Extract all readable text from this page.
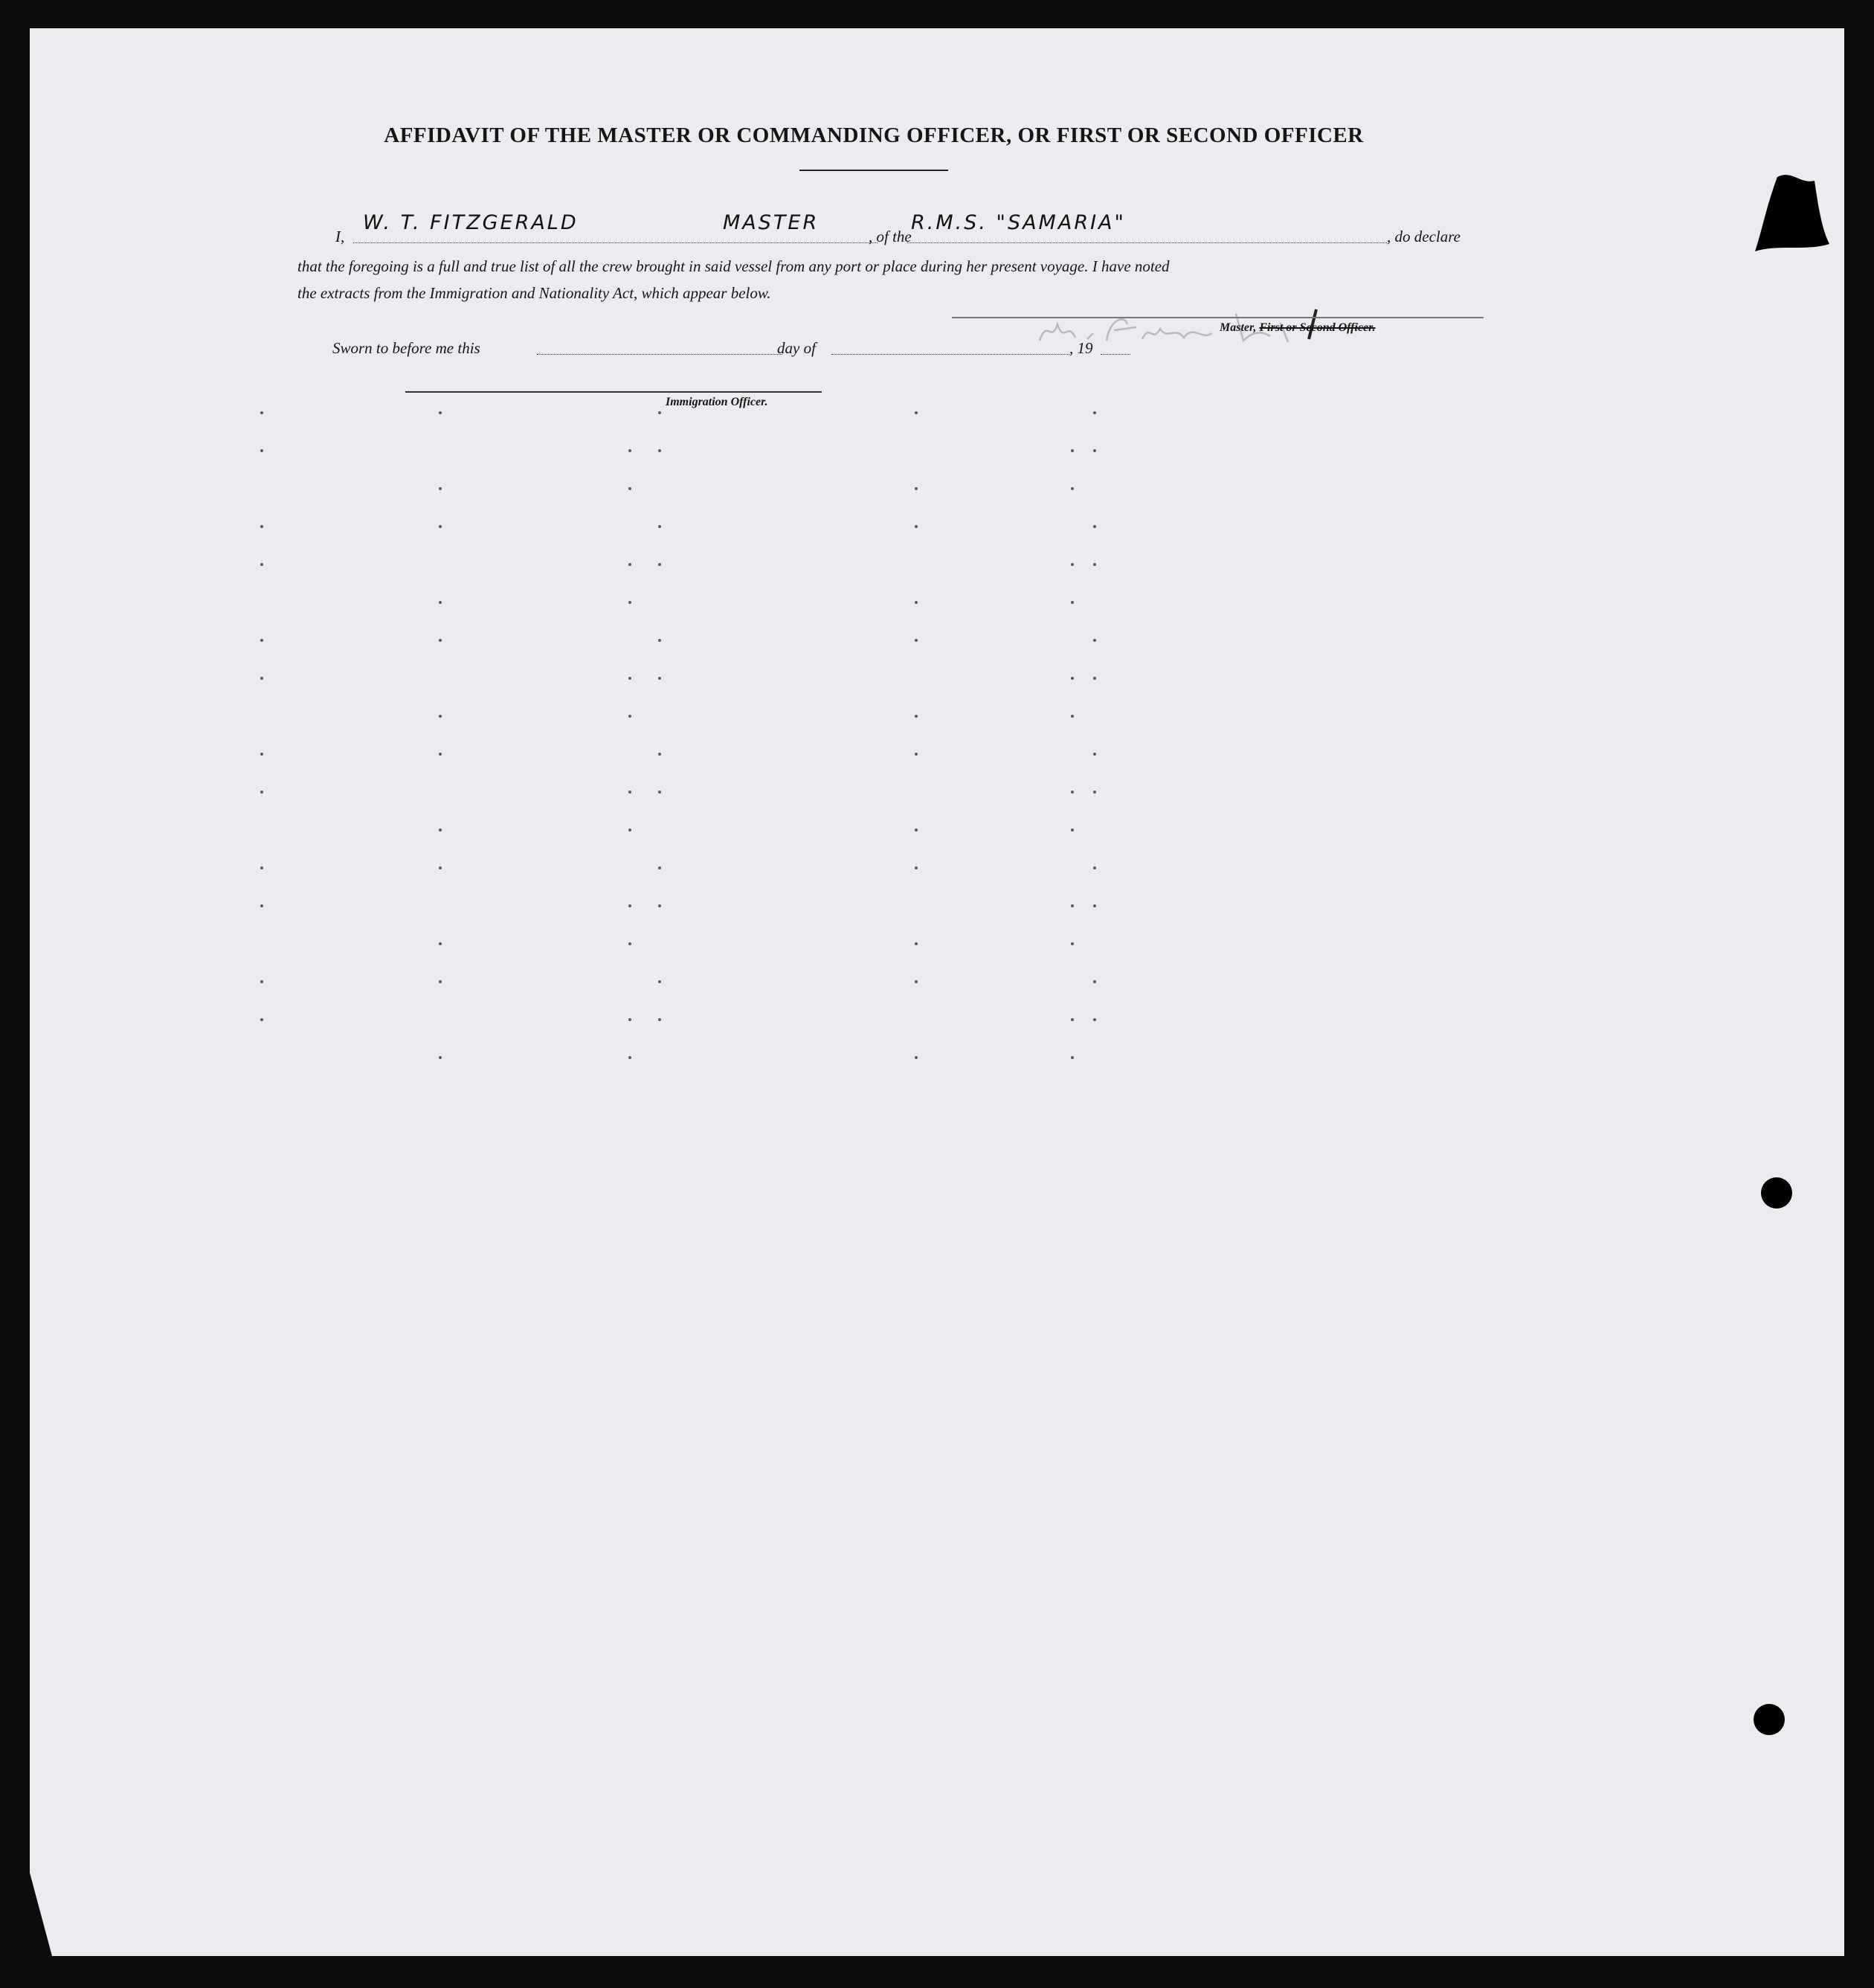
AFFIDAVIT OF THE MASTER OR COMMANDING OFFICER, OR FIRST OR SECOND OFFICER
I,
W. T. FITZGERALD	MASTER
, of the
R.M.S. "SAMARIA"
, do declare
that the foregoing is a full and true list of all the crew brought in said vessel from any port or place during her present voyage. I have noted
the extracts from the Immigration and Nationality Act, which appear below.
Master, First or Second Officer.
Sworn to before me this	day of	, 19
Immigration Officer.
